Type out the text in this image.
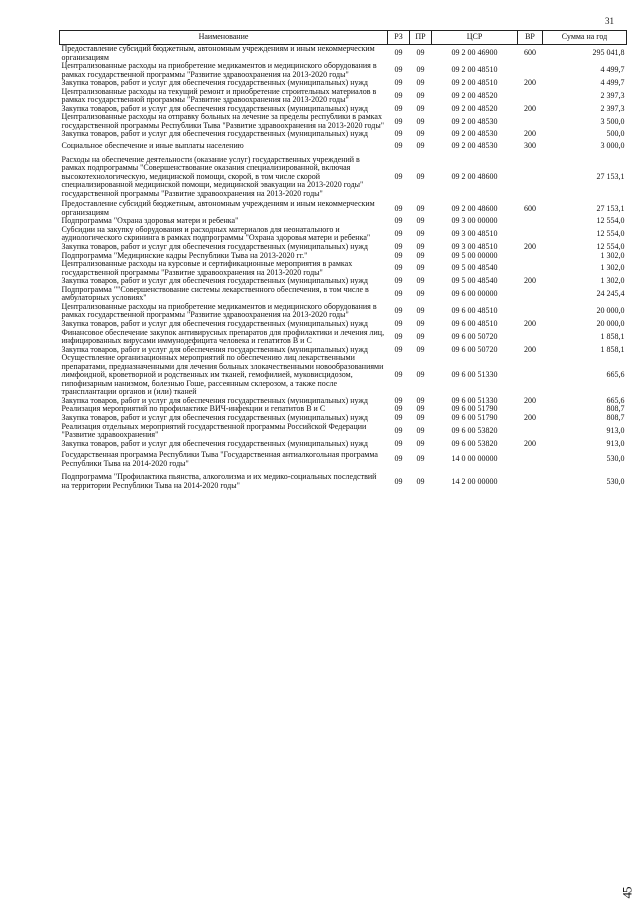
31
Наименование	РЗ	ПР	ЦСР	ВР	Сумма на год
Предоставление субсидий бюджетным, автономным учреждениям и иным некоммерческим организациям	09	09	09 2 00 46900	600	295 041,8
Централизованные расходы на приобретение медикаментов и медицинского оборудования в рамках государственной программы "Развитие здравоохранения на 2013-2020 годы"	09	09	09 2 00 48510		4 499,7
Закупка товаров, работ и услуг для обеспечения государственных (муниципальных) нужд	09	09	09 2 00 48510	200	4 499,7
Централизованные расходы на текущий ремонт и приобретение строительных материалов в рамках государственной программы "Развитие здравоохранения на 2013-2020 годы"	09	09	09 2 00 48520		2 397,3
Закупка товаров, работ и услуг для обеспечения государственных (муниципальных) нужд	09	09	09 2 00 48520	200	2 397,3
Централизованные расходы на отправку больных на лечение за пределы республики в рамках государственной программы Республики Тыва "Развитие здравоохранения на 2013-2020 годы"	09	09	09 2 00 48530		3 500,0
Закупка товаров, работ и услуг для обеспечения государственных (муниципальных) нужд	09	09	09 2 00 48530	200	500,0
Социальное обеспечение и иные выплаты населению	09	09	09 2 00 48530	300	3 000,0
Расходы на обеспечение деятельности (оказание услуг) государственных учреждений в рамках подпрограммы "Совершенствование оказания специализированной, включая высокотехнологическую, медицинской помощи, скорой, в том числе скорой специализированной медицинской помощи, медицинской эвакуации на 2013-2020 годы" государственной программы "Развитие здравоохранения на 2013-2020 годы"	09	09	09 2 00 48600		27 153,1
Предоставление субсидий бюджетным, автономным учреждениям и иным некоммерческим организациям	09	09	09 2 00 48600	600	27 153,1
Подпрограмма "Охрана здоровья матери и ребенка"	09	09	09 3 00 00000		12 554,0
Субсидии на закупку оборудования и расходных материалов для неонатального и аудиологического скрининга в рамках подпрограммы "Охрана здоровья матери и ребенка"	09	09	09 3 00 48510		12 554,0
Закупка товаров, работ и услуг для обеспечения государственных (муниципальных) нужд	09	09	09 3 00 48510	200	12 554,0
Подпрограмма "Медицинские кадры Республики Тыва на 2013-2020 гг."	09	09	09 5 00 00000		1 302,0
Централизованные расходы на курсовые и сертификационные мероприятия в рамках государственной программы "Развитие здравоохранения на 2013-2020 годы"	09	09	09 5 00 48540		1 302,0
Закупка товаров, работ и услуг для обеспечения государственных (муниципальных) нужд	09	09	09 5 00 48540	200	1 302,0
Подпрограмма ""Совершенствование системы лекарственного обеспечения, в том числе в амбулаторных условиях"	09	09	09 6 00 00000		24 245,4
Централизованные расходы на приобретение медикаментов и медицинского оборудования в рамках государственной программы "Развитие здравоохранения на 2013-2020 годы"	09	09	09 6 00 48510		20 000,0
Закупка товаров, работ и услуг для обеспечения государственных (муниципальных) нужд	09	09	09 6 00 48510	200	20 000,0
Финансовое обеспечение закупок антивирусных препаратов для профилактики и лечения лиц, инфицированных вирусами иммунодефицита человека и гепатитов В и С	09	09	09 6 00 50720		1 858,1
Закупка товаров, работ и услуг для обеспечения государственных (муниципальных) нужд	09	09	09 6 00 50720	200	1 858,1
Осуществление организационных мероприятий по обеспечению лиц лекарственными препаратами, предназначенными для лечения больных злокачественными новообразованиями лимфоидной, кроветворной и родственных им тканей, гемофилией, муковисцидозом, гипофизарным нанизмом, болезнью Гоше, рассеянным склерозом, а также после трансплантации органов и (или) тканей	09	09	09 6 00 51330		665,6
Закупка товаров, работ и услуг для обеспечения государственных (муниципальных) нужд	09	09	09 6 00 51330	200	665,6
Реализация мероприятий по профилактике ВИЧ-инфекции и гепатитов В и С	09	09	09 6 00 51790		808,7
Закупка товаров, работ и услуг для обеспечения государственных (муниципальных) нужд	09	09	09 6 00 51790	200	808,7
Реализация отдельных мероприятий государственной программы Российской Федерации "Развитие здравоохранения"	09	09	09 6 00 53820		913,0
Закупка товаров, работ и услуг для обеспечения государственных (муниципальных) нужд	09	09	09 6 00 53820	200	913,0
Государственная программа Республики Тыва "Государственная антиалкогольная программа Республики Тыва на 2014-2020 годы"	09	09	14 0 00 00000		530,0
Подпрограмма "Профилактика пьянства, алкоголизма и их медико-социальных последствий на территории Республики Тыва на 2014-2020 годы"	09	09	14 2 00 00000		530,0
45
